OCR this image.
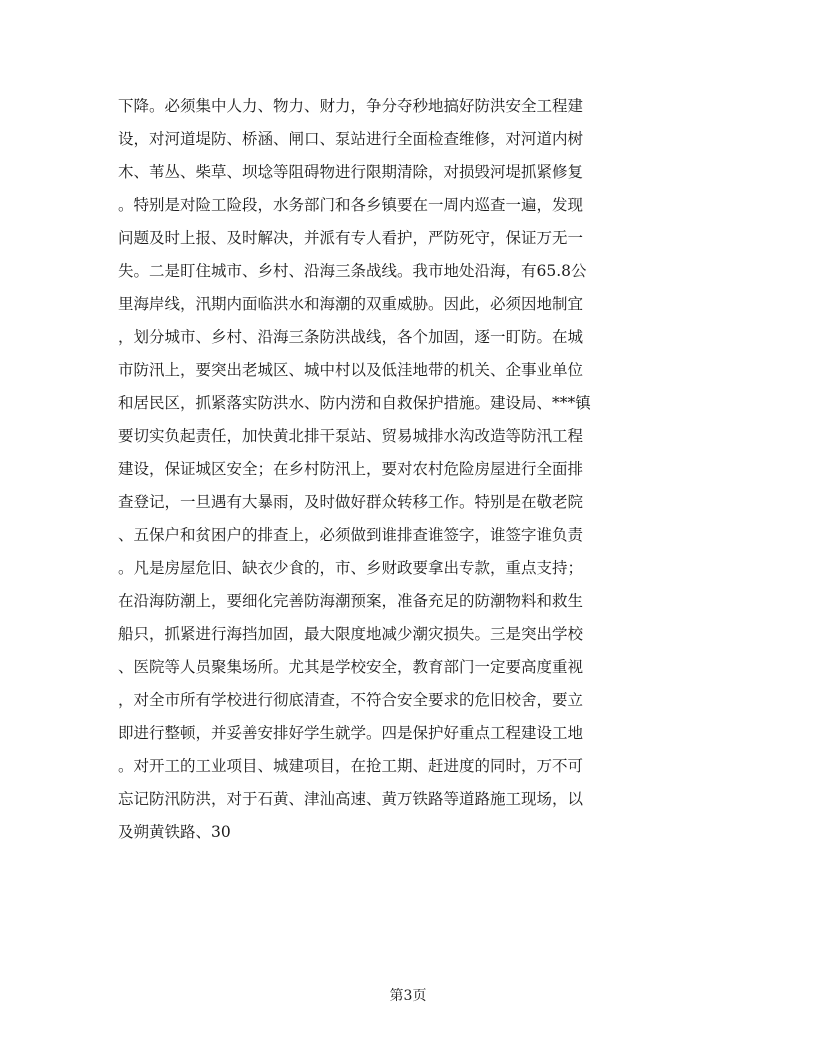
下降。必须集中人力、物力、财力，争分夺秒地搞好防洪安全工程建
设，对河道堤防、桥涵、闸口、泵站进行全面检查维修，对河道内树
木、苇丛、柴草、坝埝等阻碍物进行限期清除，对损毁河堤抓紧修复
。特别是对险工险段，水务部门和各乡镇要在一周内巡查一遍，发现
问题及时上报、及时解决，并派有专人看护，严防死守，保证万无一
失。二是盯住城市、乡村、沿海三条战线。我市地处沿海，有65.8公
里海岸线，汛期内面临洪水和海潮的双重威胁。因此，必须因地制宜
，划分城市、乡村、沿海三条防洪战线，各个加固，逐一盯防。在城
市防汛上，要突出老城区、城中村以及低洼地带的机关、企事业单位
和居民区，抓紧落实防洪水、防内涝和自救保护措施。建设局、***镇
要切实负起责任，加快黄北排干泵站、贸易城排水沟改造等防汛工程
建设，保证城区安全；在乡村防汛上，要对农村危险房屋进行全面排
查登记，一旦遇有大暴雨，及时做好群众转移工作。特别是在敬老院
、五保户和贫困户的排查上，必须做到谁排查谁签字，谁签字谁负责
。凡是房屋危旧、缺衣少食的，市、乡财政要拿出专款，重点支持；
在沿海防潮上，要细化完善防海潮预案，准备充足的防潮物料和救生
船只，抓紧进行海挡加固，最大限度地减少潮灾损失。三是突出学校
、医院等人员聚集场所。尤其是学校安全，教育部门一定要高度重视
，对全市所有学校进行彻底清查，不符合安全要求的危旧校舍，要立
即进行整顿，并妥善安排好学生就学。四是保护好重点工程建设工地
。对开工的工业项目、城建项目，在抢工期、赶进度的同时，万不可
忘记防汛防洪，对于石黄、津汕高速、黄万铁路等道路施工现场，以
及朔黄铁路、30
第3页
